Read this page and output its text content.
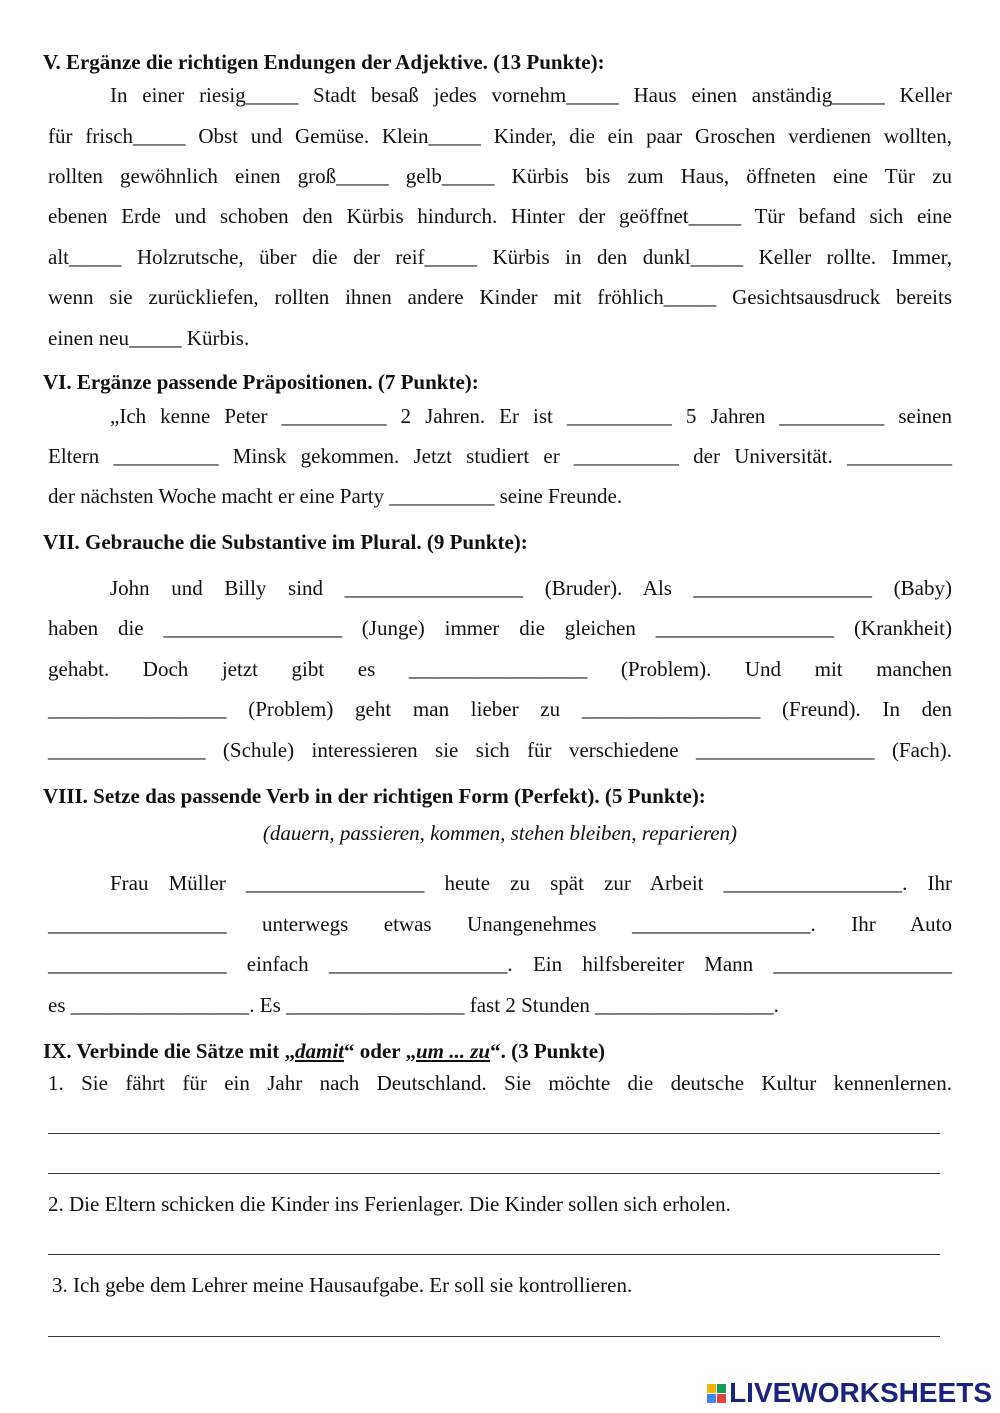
V. Ergänze die richtigen Endungen der Adjektive. (13 Punkte):
In einer riesig_____ Stadt besaß jedes vornehm_____ Haus einen anständig_____ Keller
für frisch_____ Obst und Gemüse. Klein_____ Kinder, die ein paar Groschen verdienen wollten,
rollten gewöhnlich einen groß_____ gelb_____ Kürbis bis zum Haus, öffneten eine Tür zu
ebenen Erde und schoben den Kürbis hindurch. Hinter der geöffnet_____ Tür befand sich eine
alt_____ Holzrutsche, über die der reif_____ Kürbis in den dunkl_____ Keller rollte. Immer,
wenn sie zurückliefen, rollten ihnen andere Kinder mit fröhlich_____ Gesichtsausdruck bereits
einen neu_____ Kürbis.
VI. Ergänze passende Präpositionen. (7 Punkte):
„Ich kenne Peter __________ 2 Jahren. Er ist __________ 5 Jahren __________ seinen
Eltern __________ Minsk gekommen. Jetzt studiert er __________ der Universität. __________
der nächsten Woche macht er eine Party __________ seine Freunde.
VII. Gebrauche die Substantive im Plural. (9 Punkte):
John und Billy sind _________________ (Bruder). Als _________________ (Baby)
haben die _________________ (Junge) immer die gleichen _________________ (Krankheit)
gehabt. Doch jetzt gibt es _________________ (Problem). Und mit manchen
_________________ (Problem) geht man lieber zu _________________ (Freund). In den
_______________ (Schule) interessieren sie sich für verschiedene _________________ (Fach).
VIII. Setze das passende Verb in der richtigen Form (Perfekt). (5 Punkte):
(dauern, passieren, kommen, stehen bleiben, reparieren)
Frau Müller _________________ heute zu spät zur Arbeit _________________. Ihr
_________________ unterwegs etwas Unangenehmes _________________. Ihr Auto
_________________ einfach _________________. Ein hilfsbereiter Mann _________________
es _________________. Es _________________ fast 2 Stunden _________________.
IX. Verbinde die Sätze mit „damit“ oder „um ... zu“. (3 Punkte)
1. Sie fährt für ein Jahr nach Deutschland. Sie möchte die deutsche Kultur kennenlernen.
2. Die Eltern schicken die Kinder ins Ferienlager. Die Kinder sollen sich erholen.
3. Ich gebe dem Lehrer meine Hausaufgabe. Er soll sie kontrollieren.
LIVEWORKSHEETS
